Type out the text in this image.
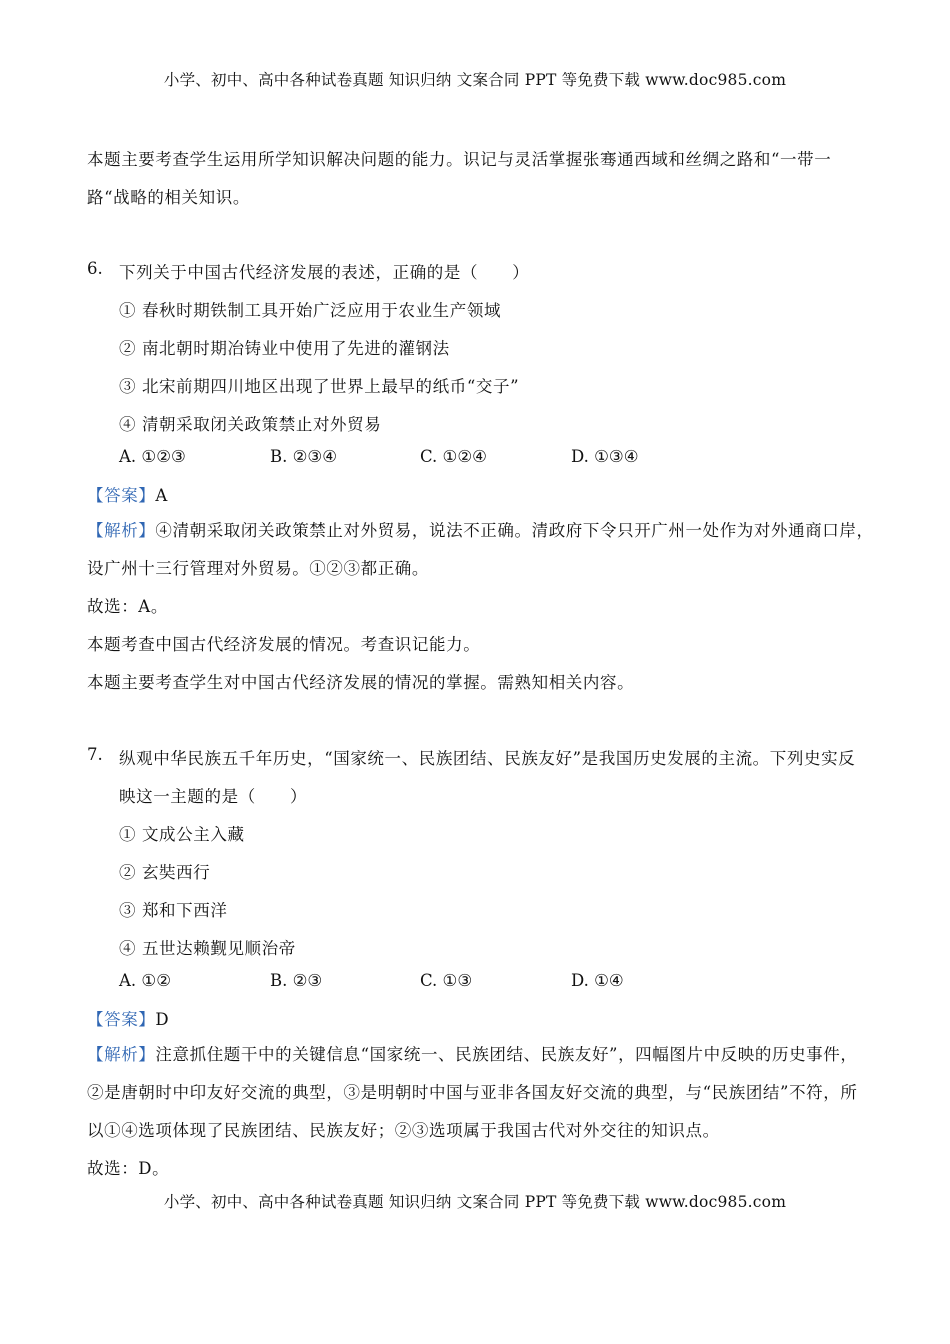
小学、初中、高中各种试卷真题 知识归纳 文案合同 PPT 等免费下载 www.doc985.com
本题主要考查学生运用所学知识解决问题的能力。识记与灵活掌握张骞通西域和丝绸之路和“一带一
路“战略的相关知识。
6. 下列关于中国古代经济发展的表述，正确的是（　　）
① 春秋时期铁制工具开始广泛应用于农业生产领域
② 南北朝时期冶铸业中使用了先进的灌钢法
③ 北宋前期四川地区出现了世界上最早的纸币“交子”
④ 清朝采取闭关政策禁止对外贸易
A. ①②③	B. ②③④	C. ①②④	D. ①③④
【答案】A
【解析】④清朝采取闭关政策禁止对外贸易，说法不正确。清政府下令只开广州一处作为对外通商口岸，
设广州十三行管理对外贸易。①②③都正确。
故选：A。
本题考查中国古代经济发展的情况。考查识记能力。
本题主要考查学生对中国古代经济发展的情况的掌握。需熟知相关内容。
7. 纵观中华民族五千年历史，“国家统一、民族团结、民族友好”是我国历史发展的主流。下列史实反
映这一主题的是（　　）
① 文成公主入藏
② 玄奘西行
③ 郑和下西洋
④ 五世达赖觐见顺治帝
A. ①②	B. ②③	C. ①③	D. ①④
【答案】D
【解析】注意抓住题干中的关键信息“国家统一、民族团结、民族友好”，四幅图片中反映的历史事件，
②是唐朝时中印友好交流的典型，③是明朝时中国与亚非各国友好交流的典型，与“民族团结”不符，所
以①④选项体现了民族团结、民族友好；②③选项属于我国古代对外交往的知识点。
故选：D。
小学、初中、高中各种试卷真题 知识归纳 文案合同 PPT 等免费下载 www.doc985.com
